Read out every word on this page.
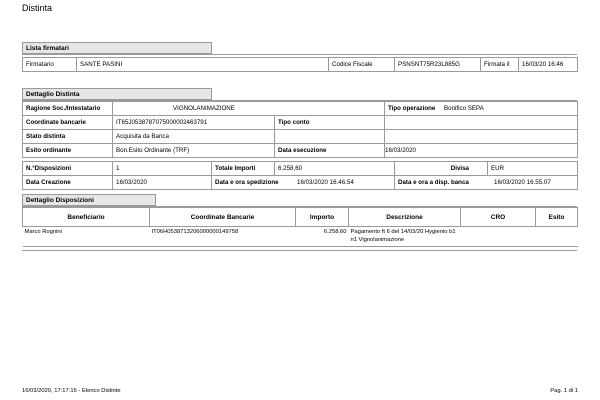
Distinta
Lista firmatari
Firmatario	SANTE PASINI	Codice Fiscale	PSNSNT75R23L885G	Firmata il	16/03/20 16:46
Dettaglio Distinta
Ragione Soc./Intestatario	VIGNOLANIMAZIONE		Tipo operazione Bonifico SEPA
Coordinate bancarie	IT65J0538787075000002463791	Tipo conto	
Stato distinta	Acquisita da Banca		
Esito ordinante	Bon.Esito Ordinante (TRF)	Data esecuzione	16/03/2020
N.°Disposizioni	1	Totale Importi	6.258,60	Divisa	EUR
Data Creazione	16/03/2020	Data e ora spedizione 16/03/2020 16.46.54		Data e ora a disp. banca 16/03/2020 16.55.07	
Dettaglio Disposizioni
Beneficiario	Coordinate Bancarie	Importo	Descrizione	CRO	Esito
Marco Rognini	IT06H0538713206000000149758	6.258,60	Pagamento ft 6 del 14/03/20 Hygienio b1 n1 Vignolanimazione		
16/03/2020, 17:17:15 - Elenco Distinte	Pag. 1 di 1
